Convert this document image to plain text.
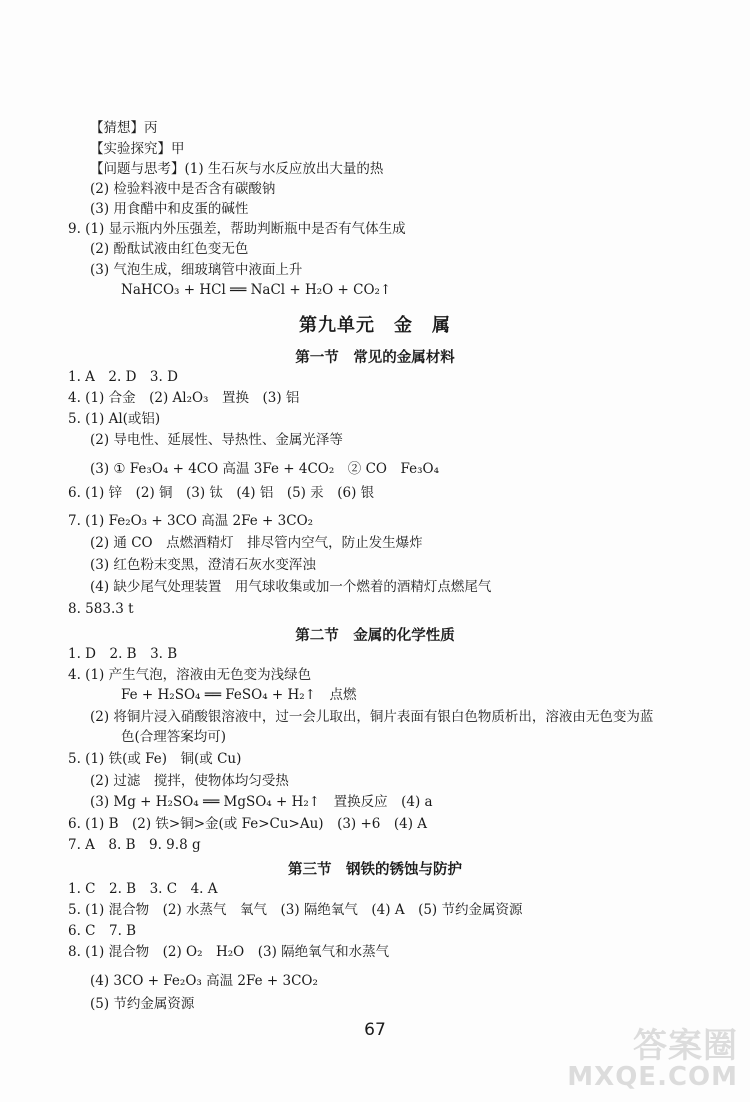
【猜想】丙
【实验探究】甲
【问题与思考】(1) 生石灰与水反应放出大量的热
(2) 检验料液中是否含有碳酸钠
(3) 用食醋中和皮蛋的碱性
9. (1) 显示瓶内外压强差，帮助判断瓶中是否有气体生成
(2) 酚酞试液由红色变无色
(3) 气泡生成，细玻璃管中液面上升
NaHCO₃ + HCl ══ NaCl + H₂O + CO₂↑
第九单元　金　属
第一节　常见的金属材料
1. A　2. D　3. D
4. (1) 合金　(2) Al₂O₃　置换　(3) 铝
5. (1) Al(或铝)
(2) 导电性、延展性、导热性、金属光泽等
(3) ① Fe₃O₄ + 4CO 高温 3Fe + 4CO₂　② CO　Fe₃O₄
6. (1) 锌　(2) 铜　(3) 钛　(4) 铝　(5) 汞　(6) 银
7. (1) Fe₂O₃ + 3CO 高温 2Fe + 3CO₂
(2) 通 CO　点燃酒精灯　排尽管内空气，防止发生爆炸
(3) 红色粉末变黑，澄清石灰水变浑浊
(4) 缺少尾气处理装置　用气球收集或加一个燃着的酒精灯点燃尾气
8. 583.3 t
第二节　金属的化学性质
1. D　2. B　3. B
4. (1) 产生气泡，溶液由无色变为浅绿色
Fe + H₂SO₄ ══ FeSO₄ + H₂↑　点燃
(2) 将铜片浸入硝酸银溶液中，过一会儿取出，铜片表面有银白色物质析出，溶液由无色变为蓝
色(合理答案均可)
5. (1) 铁(或 Fe)　铜(或 Cu)
(2) 过滤　搅拌，使物体均匀受热
(3) Mg + H₂SO₄ ══ MgSO₄ + H₂↑　置换反应　(4) a
6. (1) B　(2) 铁>铜>金(或 Fe>Cu>Au)　(3) +6　(4) A
7. A　8. B　9. 9.8 g
第三节　钢铁的锈蚀与防护
1. C　2. B　3. C　4. A
5. (1) 混合物　(2) 水蒸气　氧气　(3) 隔绝氧气　(4) A　(5) 节约金属资源
6. C　7. B
8. (1) 混合物　(2) O₂　H₂O　(3) 隔绝氧气和水蒸气
(4) 3CO + Fe₂O₃ 高温 2Fe + 3CO₂
(5) 节约金属资源
67	答案圈
MXQE.COM
